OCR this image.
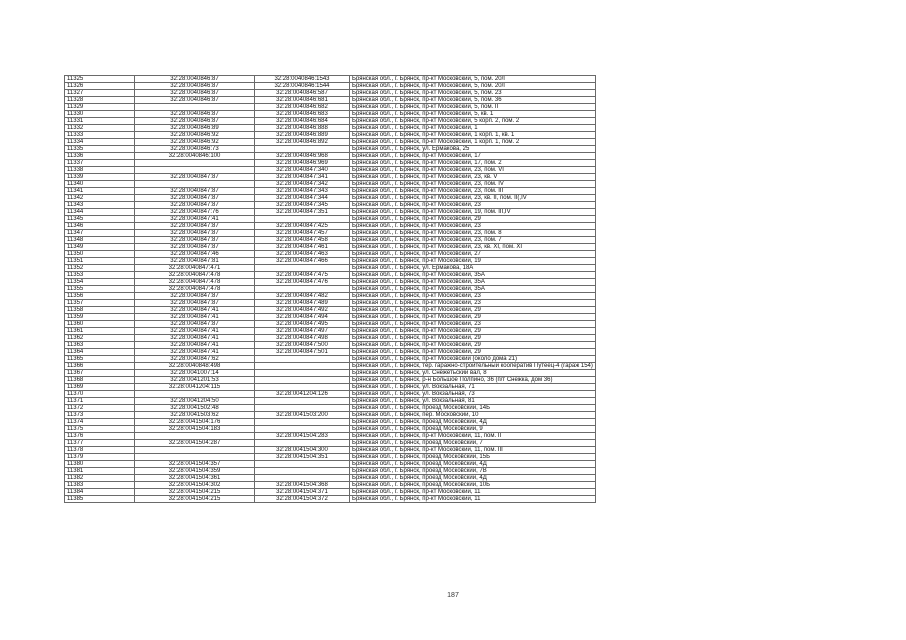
11325	32:28:0040846:87	32:28:0040846:1543	Брянская обл., г. Брянск, пр-кт Московский, 5, пом. 20/I
11326	32:28:0040846:87	32:28:0040846:1544	Брянская обл., г. Брянск, пр-кт Московский, 5, пом. 20/I
11327	32:28:0040846:87	32:28:0040846:587	Брянская обл., г. Брянск, пр-кт Московский, 5, пом. 23
11328	32:28:0040846:87	32:28:0040846:681	Брянская обл., г. Брянск, пр-кт Московский, 5, пом. 36
11329		32:28:0040846:682	Брянская обл., г. Брянск, пр-кт Московский, 5, пом. II
11330	32:28:0040846:87	32:28:0040846:683	Брянская обл., г. Брянск, пр-кт Московский, 5, кв. 1
11331	32:28:0040846:87	32:28:0040846:684	Брянская обл., г. Брянск, пр-кт Московский, 5 корп. 2, пом. 2
11332	32:28:0040846:89	32:28:0040846:888	Брянская обл., г. Брянск, пр-кт Московский, 1
11333	32:28:0040846:92	32:28:0040846:889	Брянская обл., г. Брянск, пр-кт Московский, 1 корп. 1, кв. 1
11334	32:28:0040846:92	32:28:0040846:892	Брянская обл., г. Брянск, пр-кт Московский, 1 корп. 1, пом. 2
11335	32:28:0040846:73		Брянская обл., г. Брянск, ул. Ермакова, 25
11336	32:28:0040846:100	32:28:0040846:968	Брянская обл., г. Брянск, пр-кт Московский, 17
11337		32:28:0040846:969	Брянская обл., г. Брянск, пр-кт Московский, 17, пом. 2
11338		32:28:0040847:340	Брянская обл., г. Брянск, пр-кт Московский, 23, пом. VI
11339	32:28:0040847:87	32:28:0040847:341	Брянская обл., г. Брянск, пр-кт Московский, 23, кв. V
11340		32:28:0040847:342	Брянская обл., г. Брянск, пр-кт Московский, 23, пом. IV
11341	32:28:0040847:87	32:28:0040847:343	Брянская обл., г. Брянск, пр-кт Московский, 23, пом. III
11342	32:28:0040847:87	32:28:0040847:344	Брянская обл., г. Брянск, пр-кт Московский, 23, кв. II, пом. II(,IV
11343	32:28:0040847:87	32:28:0040847:345	Брянская обл., г. Брянск, пр-кт Московский, 23
11344	32:28:0040847:76	32:28:0040847:351	Брянская обл., г. Брянск, пр-кт Московский, 19, пом. III,IV
11345	32:28:0040847:41		Брянская обл., г. Брянск, пр-кт Московский, 29
11346	32:28:0040847:87	32:28:0040847:425	Брянская обл., г. Брянск, пр-кт Московский, 23
11347	32:28:0040847:87	32:28:0040847:457	Брянская обл., г. Брянск, пр-кт Московский, 23, пом. 8
11348	32:28:0040847:87	32:28:0040847:458	Брянская обл., г. Брянск, пр-кт Московский, 23, пом. 7
11349	32:28:0040847:87	32:28:0040847:461	Брянская обл., г. Брянск, пр-кт Московский, 23, кв. XI, пом. XI
11350	32:28:0040847:46	32:28:0040847:463	Брянская обл., г. Брянск, пр-кт Московский, 27
11351	32:28:0040847:81	32:28:0040847:466	Брянская обл., г. Брянск, пр-кт Московский, 19
11352	32:28:0040847:471		Брянская обл., г. Брянск, ул. Ермакова, 18А
11353	32:28:0040847:478	32:28:0040847:475	Брянская обл., г. Брянск, пр-кт Московский, 35А
11354	32:28:0040847:478	32:28:0040847:476	Брянская обл., г. Брянск, пр-кт Московский, 35А
11355	32:28:0040847:478		Брянская обл., г. Брянск, пр-кт Московский, 35А
11356	32:28:0040847:87	32:28:0040847:482	Брянская обл., г. Брянск, пр-кт Московский, 23
11357	32:28:0040847:87	32:28:0040847:489	Брянская обл., г. Брянск, пр-кт Московский, 23
11358	32:28:0040847:41	32:28:0040847:492	Брянская обл., г. Брянск, пр-кт Московский, 29
11359	32:28:0040847:41	32:28:0040847:494	Брянская обл., г. Брянск, пр-кт Московский, 29
11360	32:28:0040847:87	32:28:0040847:495	Брянская обл., г. Брянск, пр-кт Московский, 23
11361	32:28:0040847:41	32:28:0040847:497	Брянская обл., г. Брянск, пр-кт Московский, 29
11362	32:28:0040847:41	32:28:0040847:498	Брянская обл., г. Брянск, пр-кт Московский, 29
11363	32:28:0040847:41	32:28:0040847:500	Брянская обл., г. Брянск, пр-кт Московский, 29
11364	32:28:0040847:41	32:28:0040847:501	Брянская обл., г. Брянск, пр-кт Московский, 29
11365	32:28:0040847:62		Брянская обл., г. Брянск, пр-кт Московский (около дома 21)
11366	32:28:0040848:498		Брянская обл., г. Брянск, тер. гаражно-строительный кооператив Путеец-4 (гараж 154)
11367	32:28:0041007:14		Брянская обл., г. Брянск, ул. Снежетьский вал, 8
11368	32:28:0041201:53		Брянская обл., г. Брянск, р-н Большое Полпино, 36 (п/т Снежка, дом 36)
11369	32:28:0041204:115		Брянская обл., г. Брянск, ул. Вокзальная, 71
11370		32:28:0041204:126	Брянская обл., г. Брянск, ул. Вокзальная, 73
11371	32:28:0041204:50		Брянская обл., г. Брянск, ул. Вокзальная, 81
11372	32:28:0041502:48		Брянская обл., г. Брянск, проезд Московский, 14Б
11373	32:28:0041503:62	32:28:0041503:200	Брянская обл., г. Брянск, пер. Московский, 10
11374	32:28:0041504:176		Брянская обл., г. Брянск, проезд Московский, 4Д
11375	32:28:0041504:183		Брянская обл., г. Брянск, проезд Московский, 9
11376		32:28:0041504:283	Брянская обл., г. Брянск, пр-кт Московский, 11, пом. II
11377	32:28:0041504:287		Брянская обл., г. Брянск, проезд Московский, 7
11378		32:28:0041504:300	Брянская обл., г. Брянск, пр-кт Московский, 11, пом. III
11379		32:28:0041504:351	Брянская обл., г. Брянск, проезд Московский, 15Б
11380	32:28:0041504:357		Брянская обл., г. Брянск, проезд Московский, 4Д
11381	32:28:0041504:359		Брянская обл., г. Брянск, проезд Московский, 7В
11382	32:28:0041504:361		Брянская обл., г. Брянск, проезд Московский, 4Д
11383	32:28:0041504:302	32:28:0041504:368	Брянская обл., г. Брянск, проезд Московский, 10Б
11384	32:28:0041504:215	32:28:0041504:371	Брянская обл., г. Брянск, пр-кт Московский, 11
11385	32:28:0041504:215	32:28:0041504:372	Брянская обл., г. Брянск, пр-кт Московский, 11
187
